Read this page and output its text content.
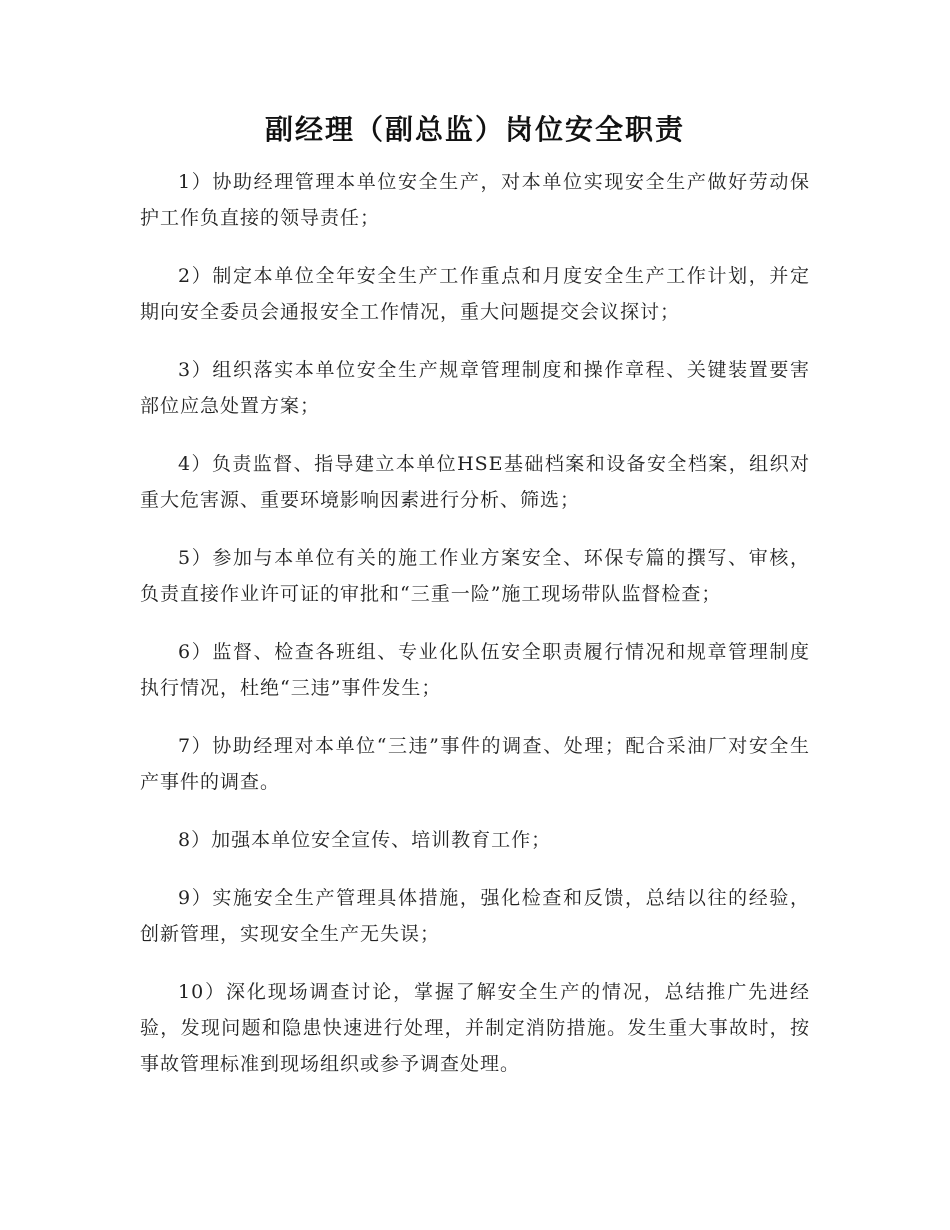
副经理（副总监）岗位安全职责

1）协助经理管理本单位安全生产，对本单位实现安全生产做好劳动保护工作负直接的领导责任；

2）制定本单位全年安全生产工作重点和月度安全生产工作计划，并定期向安全委员会通报安全工作情况，重大问题提交会议探讨；

3）组织落实本单位安全生产规章管理制度和操作章程、关键装置要害部位应急处置方案；

4）负责监督、指导建立本单位HSE基础档案和设备安全档案，组织对重大危害源、重要环境影响因素进行分析、筛选；

5）参加与本单位有关的施工作业方案安全、环保专篇的撰写、审核，负责直接作业许可证的审批和“三重一险”施工现场带队监督检查；

6）监督、检查各班组、专业化队伍安全职责履行情况和规章管理制度执行情况，杜绝“三违”事件发生；

7）协助经理对本单位“三违”事件的调查、处理；配合采油厂对安全生产事件的调查。

8）加强本单位安全宣传、培训教育工作；

9）实施安全生产管理具体措施，强化检查和反馈，总结以往的经验，创新管理，实现安全生产无失误；

10）深化现场调查讨论，掌握了解安全生产的情况，总结推广先进经验，发现问题和隐患快速进行处理，并制定消防措施。发生重大事故时，按事故管理标准到现场组织或参予调查处理。
